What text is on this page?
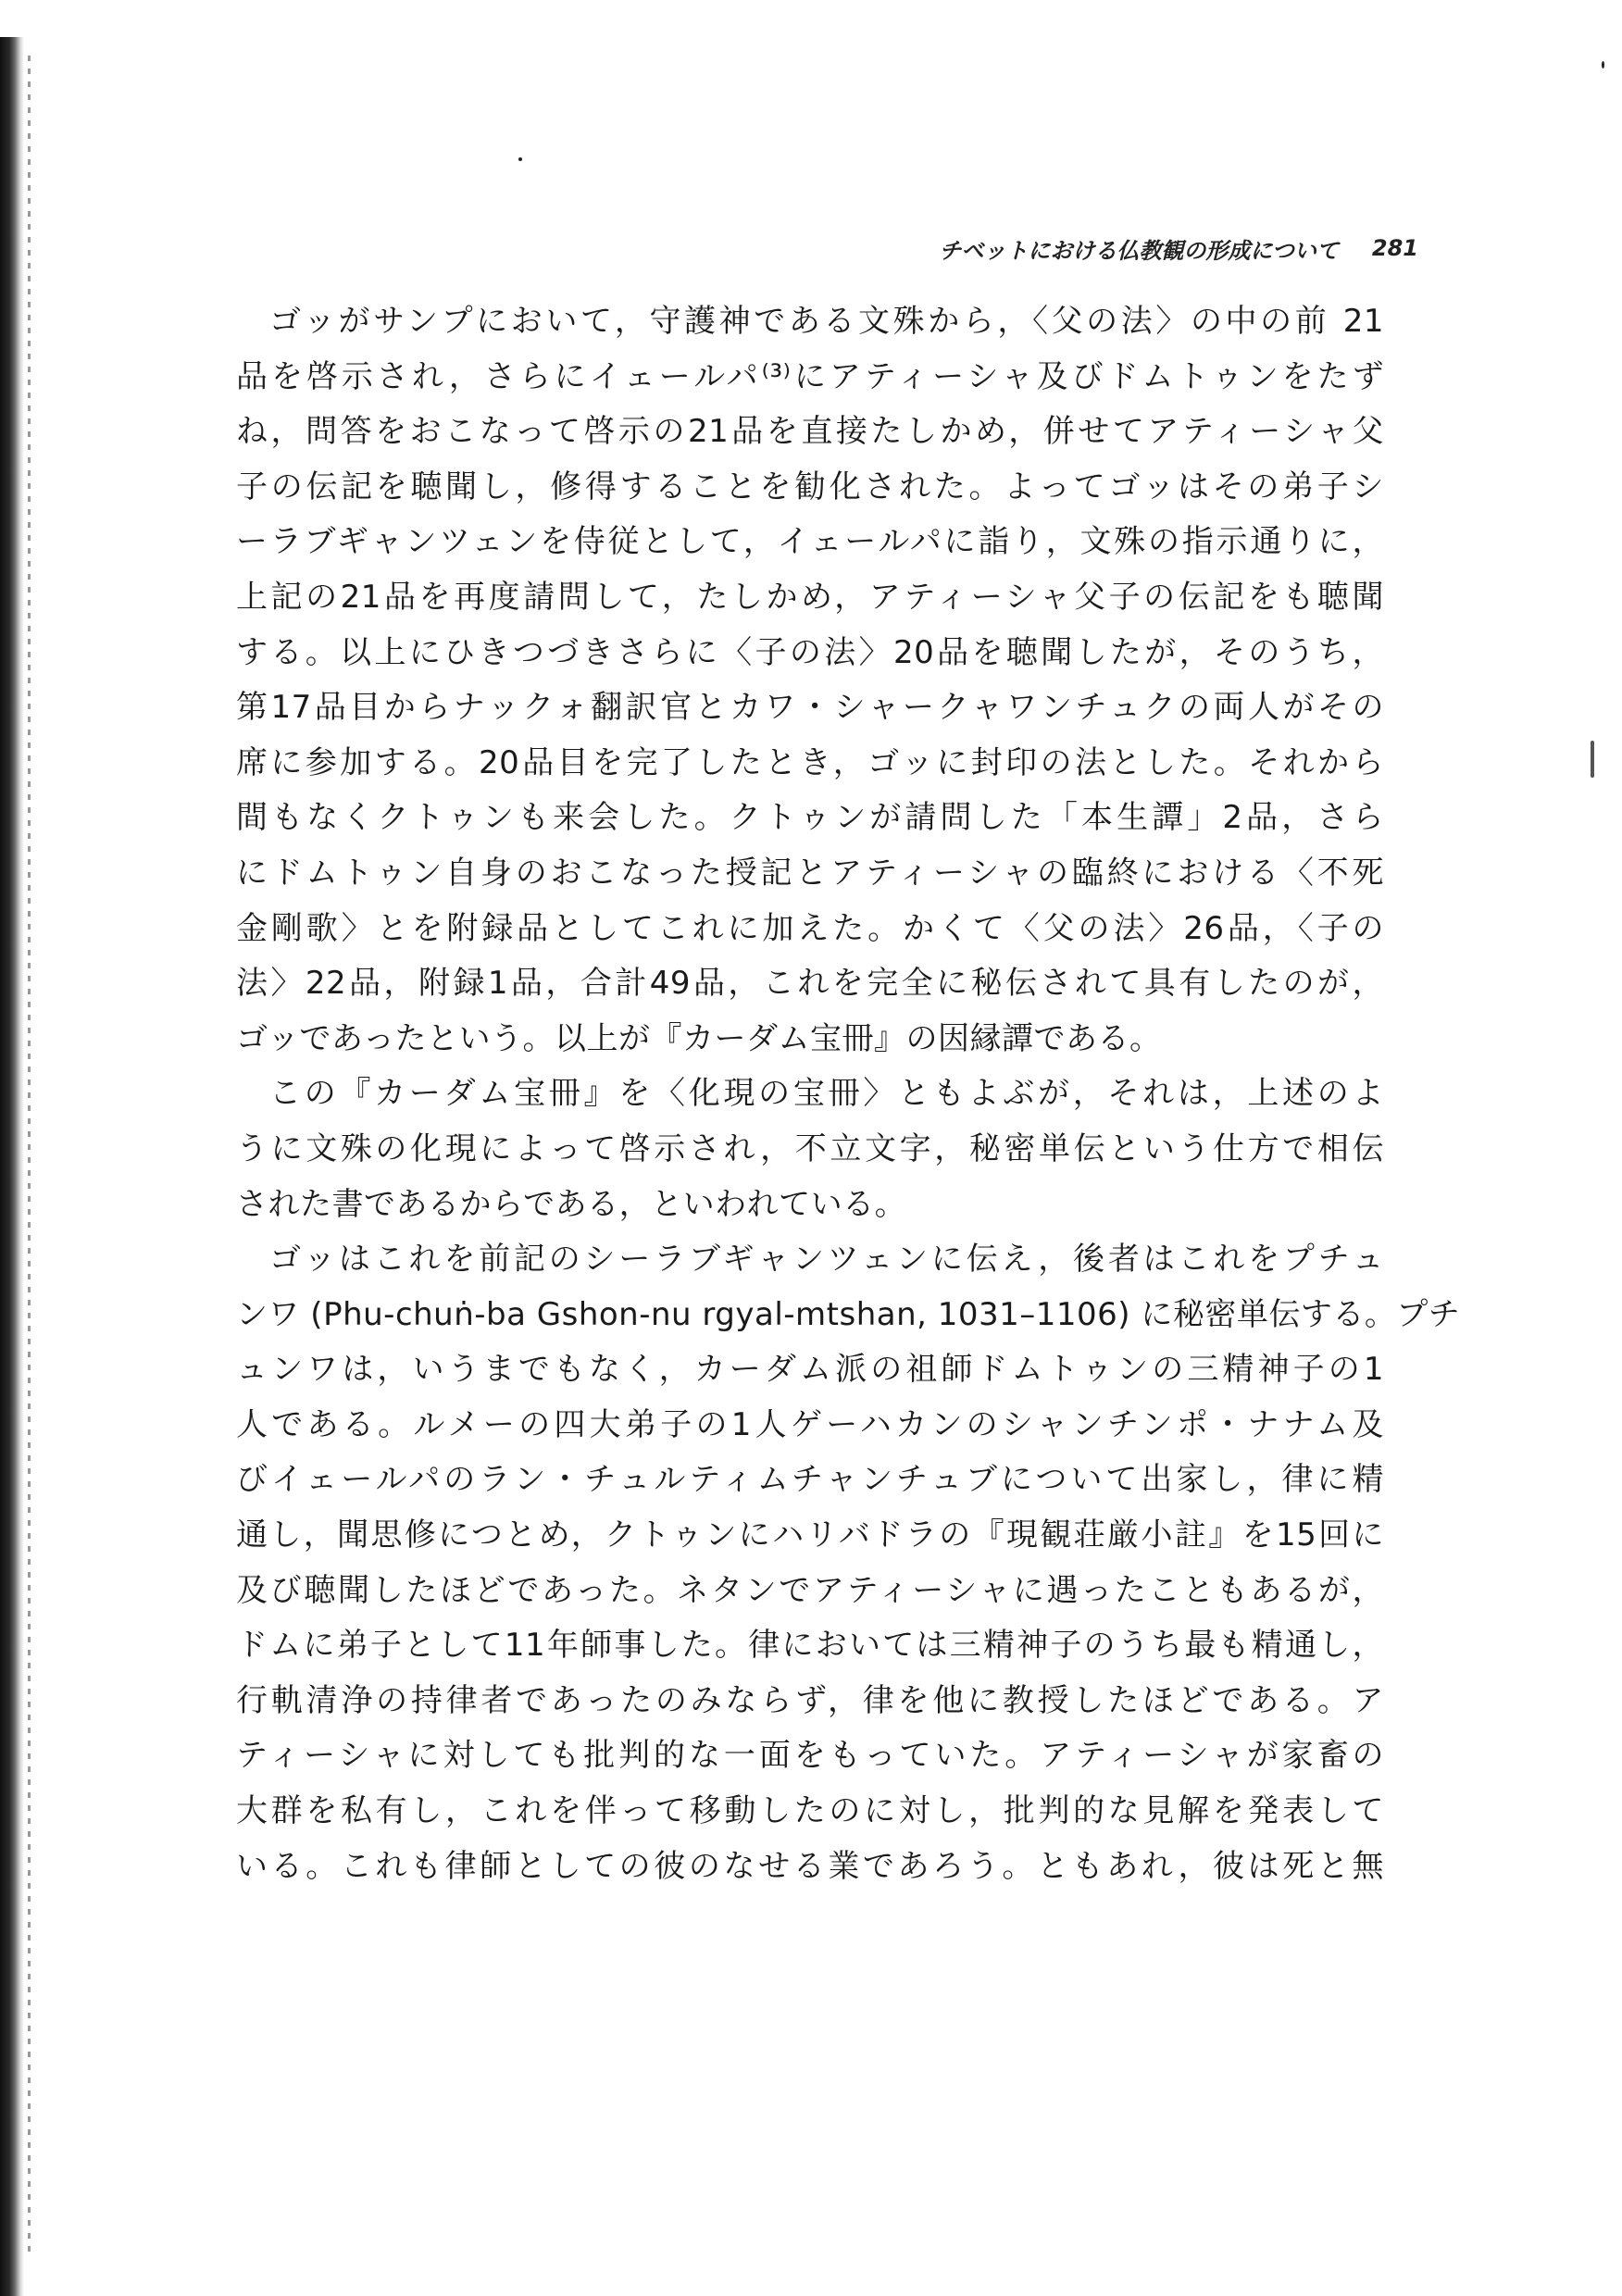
チベットにおける仏教観の形成について 281
ゴッがサンプにおいて，守護神である文殊から，〈父の法〉の中の前 21
品を啓示され，さらにイェールパ⁽³⁾にアティーシャ及びドムトゥンをたず
ね，問答をおこなって啓示の21品を直接たしかめ，併せてアティーシャ父
子の伝記を聴聞し，修得することを勧化された。よってゴッはその弟子シ
ーラブギャンツェンを侍従として，イェールパに詣り，文殊の指示通りに，
上記の21品を再度請問して，たしかめ，アティーシャ父子の伝記をも聴聞
する。以上にひきつづきさらに〈子の法〉20品を聴聞したが，そのうち，
第17品目からナックォ翻訳官とカワ・シャークャワンチュクの両人がその
席に参加する。20品目を完了したとき，ゴッに封印の法とした。それから
間もなくクトゥンも来会した。クトゥンが請問した「本生譚」2品，さら
にドムトゥン自身のおこなった授記とアティーシャの臨終における〈不死
金剛歌〉とを附録品としてこれに加えた。かくて〈父の法〉26品，〈子の
法〉22品，附録1品，合計49品，これを完全に秘伝されて具有したのが，
ゴッであったという。以上が『カーダム宝冊』の因縁譚である。
この『カーダム宝冊』を〈化現の宝冊〉ともよぶが，それは，上述のよ
うに文殊の化現によって啓示され，不立文字，秘密単伝という仕方で相伝
された書であるからである，といわれている。
ゴッはこれを前記のシーラブギャンツェンに伝え，後者はこれをプチュ
ンワ (Phu-chuṅ-ba Gshon-nu rgyal-mtshan, 1031–1106) に秘密単伝する。プチ
ュンワは，いうまでもなく，カーダム派の祖師ドムトゥンの三精神子の1
人である。ルメーの四大弟子の1人ゲーハカンのシャンチンポ・ナナム及
びイェールパのラン・チュルティムチャンチュブについて出家し，律に精
通し，聞思修につとめ，クトゥンにハリバドラの『現観荘厳小註』を15回に
及び聴聞したほどであった。ネタンでアティーシャに遇ったこともあるが，
ドムに弟子として11年師事した。律においては三精神子のうち最も精通し，
行軌清浄の持律者であったのみならず，律を他に教授したほどである。ア
ティーシャに対しても批判的な一面をもっていた。アティーシャが家畜の
大群を私有し，これを伴って移動したのに対し，批判的な見解を発表して
いる。これも律師としての彼のなせる業であろう。ともあれ，彼は死と無
